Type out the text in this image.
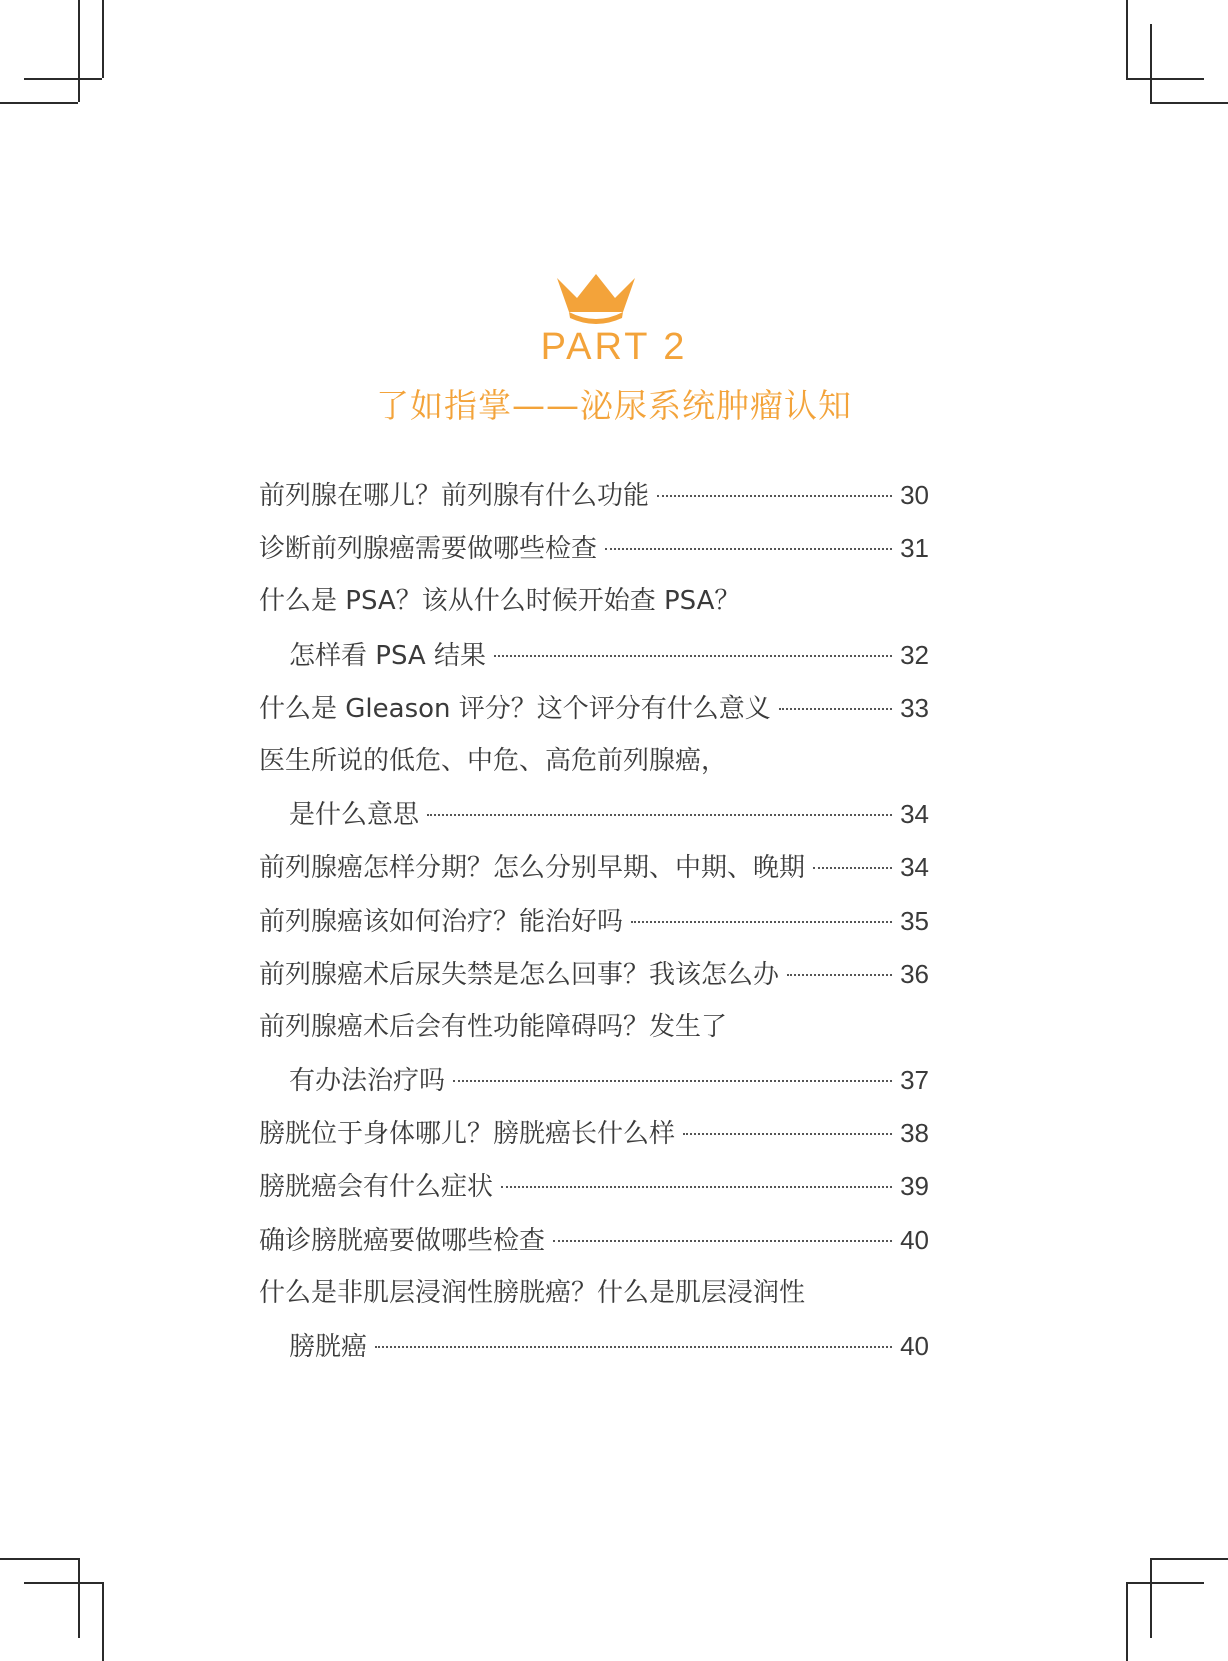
PART 2
了如指掌——泌尿系统肿瘤认知
前列腺在哪儿？前列腺有什么功能	30
诊断前列腺癌需要做哪些检查	31
什么是 PSA？该从什么时候开始查 PSA？
怎样看 PSA 结果	32
什么是 Gleason 评分？这个评分有什么意义	33
医生所说的低危、中危、高危前列腺癌，
是什么意思	34
前列腺癌怎样分期？怎么分别早期、中期、晚期	34
前列腺癌该如何治疗？能治好吗	35
前列腺癌术后尿失禁是怎么回事？我该怎么办	36
前列腺癌术后会有性功能障碍吗？发生了
有办法治疗吗	37
膀胱位于身体哪儿？膀胱癌长什么样	38
膀胱癌会有什么症状	39
确诊膀胱癌要做哪些检查	40
什么是非肌层浸润性膀胱癌？什么是肌层浸润性
膀胱癌	40
